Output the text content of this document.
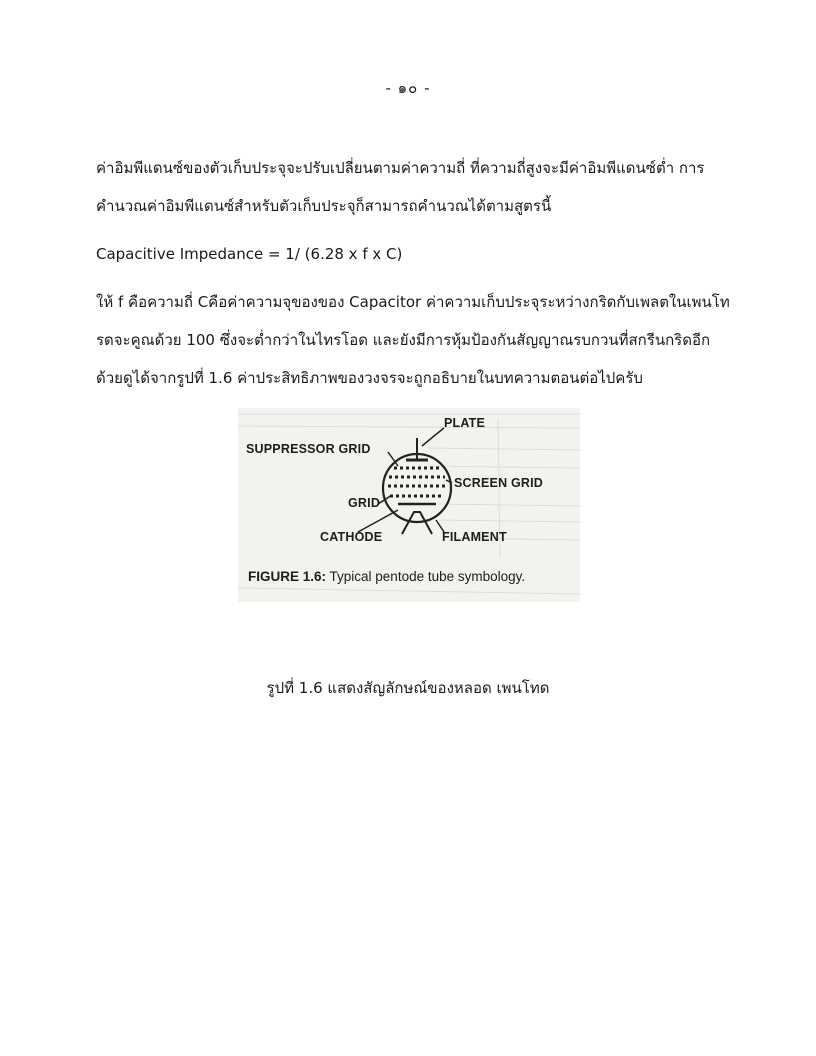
- ๑๐ -
ค่าอิมพีแดนซ์ของตัวเก็บประจุจะปรับเปลี่ยนตามค่าความถี่ ที่ความถี่สูงจะมีค่าอิมพีแดนซ์ต่ำ การ
คำนวณค่าอิมพีแดนซ์สำหรับตัวเก็บประจุก็สามารถคำนวณได้ตามสูตรนี้
Capacitive Impedance = 1/ (6.28 x f x C)
ให้ f คือความถี่ Cคือค่าความจุของของ Capacitor ค่าความเก็บประจุระหว่างกริดกับเพลตในเพนโท
รดจะคูณด้วย 100 ซึ่งจะต่ำกว่าในไทรโอด และยังมีการหุ้มป้องกันสัญญาณรบกวนที่สกรีนกริดอีก
ด้วยดูได้จากรูปที่ 1.6 ค่าประสิทธิภาพของวงจรจะถูกอธิบายในบทความตอนต่อไปครับ
PLATE
SUPPRESSOR GRID
SCREEN GRID
GRID
CATHODE	FILAMENT
FIGURE 1.6: Typical pentode tube symbology.
รูปที่ 1.6 แสดงสัญลักษณ์ของหลอด เพนโทด
